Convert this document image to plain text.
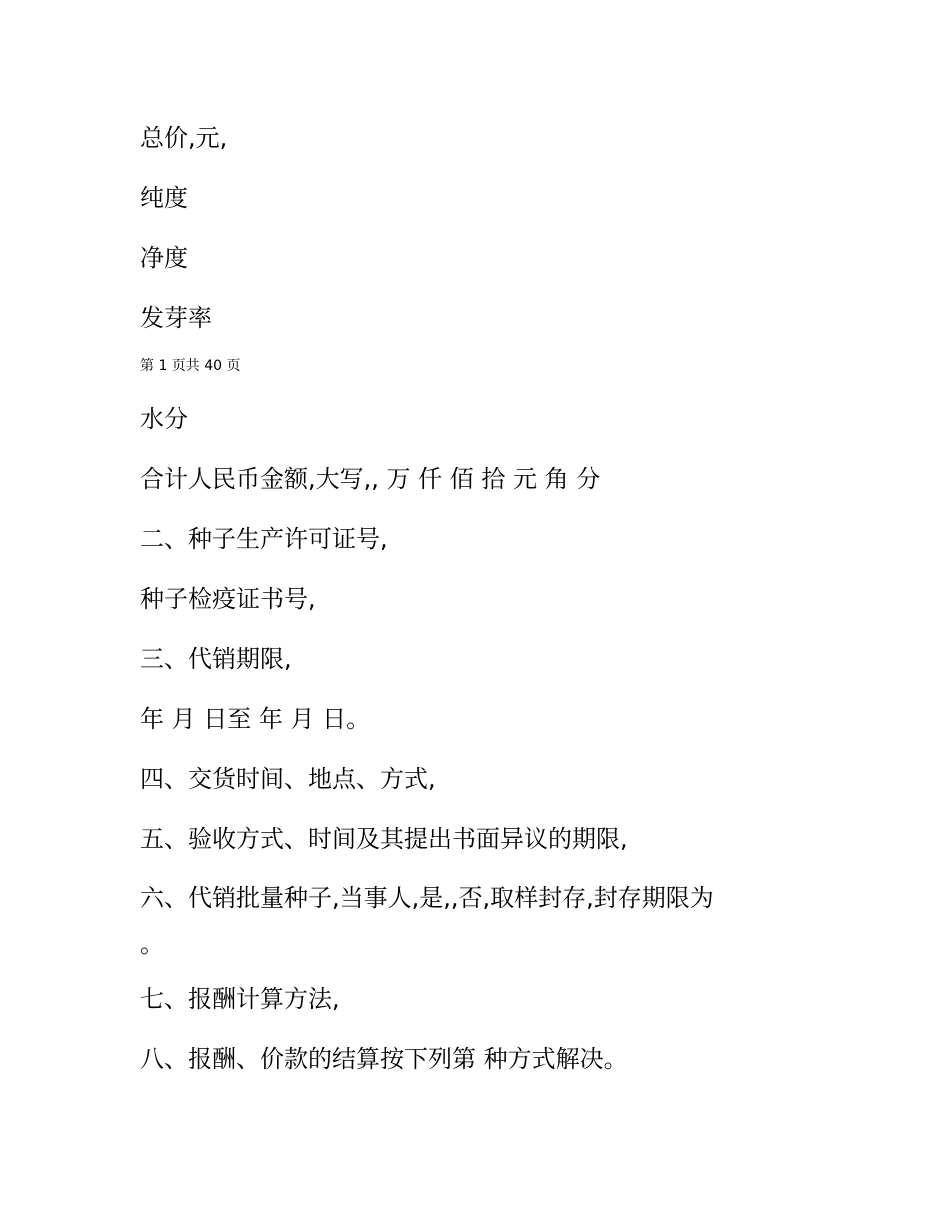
总价,元,
纯度
净度
发芽率
第 1 页共 40 页
水分
合计人民币金额,大写,, 万 仟 佰 拾 元 角 分
二、种子生产许可证号,
种子检疫证书号,
三、代销期限,
年 月 日至 年 月 日。
四、交货时间、地点、方式,
五、验收方式、时间及其提出书面异议的期限,
六、代销批量种子,当事人,是,,否,取样封存,封存期限为
。
七、报酬计算方法,
八、报酬、价款的结算按下列第 种方式解决。
